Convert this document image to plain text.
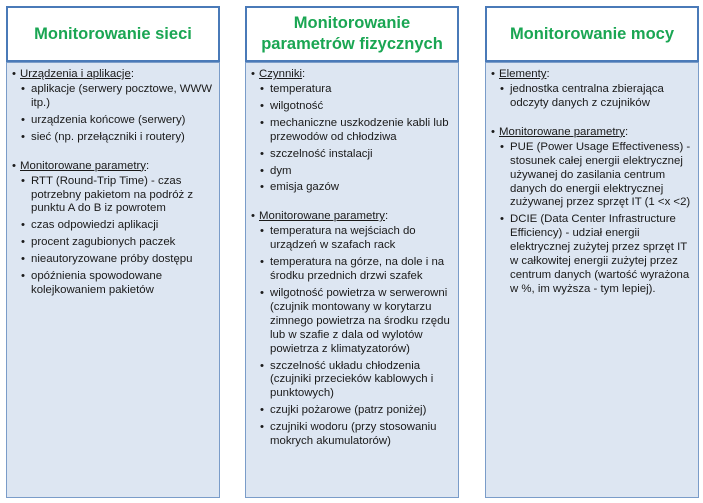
Monitorowanie sieci

• Urządzenia i aplikacje:

• aplikacje (serwery pocztowe, WWW itp.)
• urządzenia końcowe (serwery)
• sieć (np. przełączniki i routery)

• Monitorowane parametry:

• RTT (Round-Trip Time) - czas potrzebny pakietom na podróż z punktu A do B iz powrotem
• czas odpowiedzi aplikacji
• procent zagubionych paczek
• nieautoryzowane próby dostępu
• opóźnienia spowodowane kolejkowaniem pakietów
Monitorowanie parametrów fizycznych

• Czynniki:

• temperatura
• wilgotność
• mechaniczne uszkodzenie kabli lub przewodów od chłodziwa
• szczelność instalacji
• dym
• emisja gazów

• Monitorowane parametry:

• temperatura na wejściach do urządzeń w szafach rack
• temperatura na górze, na dole i na środku przednich drzwi szafek
• wilgotność powietrza w serwerowni (czujnik montowany w korytarzu zimnego powietrza na środku rzędu lub w szafie z dala od wylotów powietrza z klimatyzatorów)
• szczelność układu chłodzenia (czujniki przecieków kablowych i punktowych)
• czujki pożarowe (patrz poniżej)
• czujniki wodoru (przy stosowaniu mokrych akumulatorów)
Monitorowanie mocy

• Elementy:

• jednostka centralna zbierająca odczyty danych z czujników

• Monitorowane parametry:

• PUE (Power Usage Effectiveness) - stosunek całej energii elektrycznej używanej do zasilania centrum danych do energii elektrycznej zużywanej przez sprzęt IT (1 <x <2)
• DCIE (Data Center Infrastructure Efficiency) - udział energii elektrycznej zużytej przez sprzęt IT w całkowitej energii zużytej przez centrum danych (wartość wyrażona w %, im wyższa - tym lepiej).
